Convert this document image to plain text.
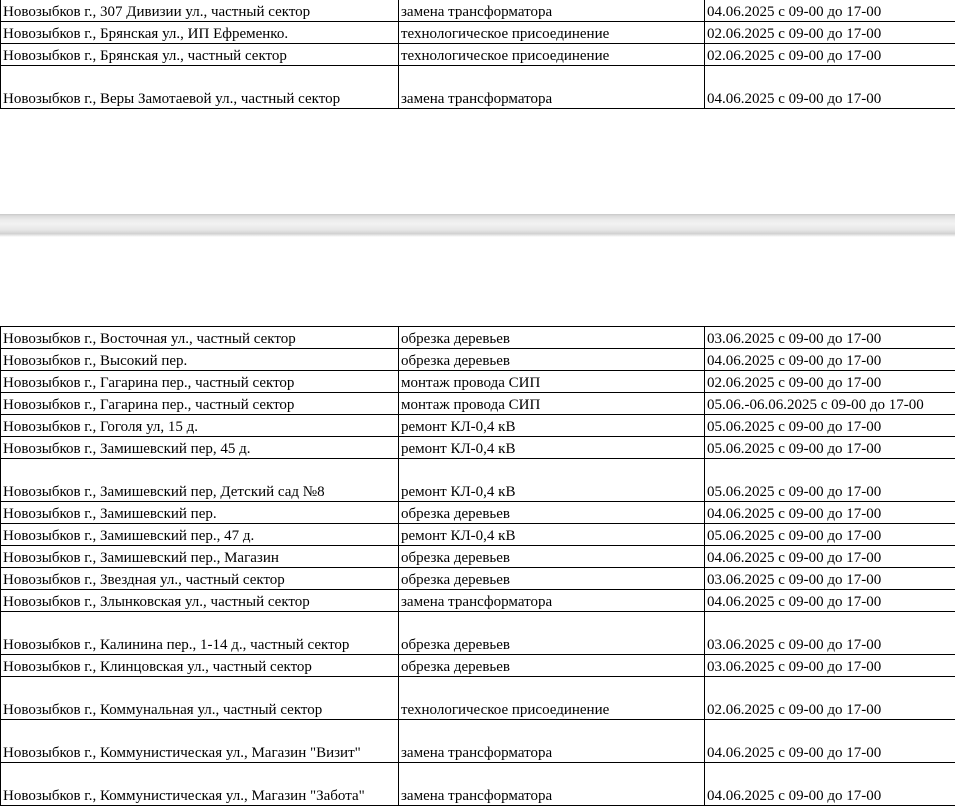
Новозыбков г., 307 Дивизии ул., частный сектор	замена трансформатора	04.06.2025 с 09-00 до 17-00
Новозыбков г., Брянская ул., ИП Ефременко.	технологическое присоединение	02.06.2025 с 09-00 до 17-00
Новозыбков г., Брянская ул., частный сектор	технологическое присоединение	02.06.2025 с 09-00 до 17-00
Новозыбков г., Веры Замотаевой ул., частный сектор	замена трансформатора	04.06.2025 с 09-00 до 17-00
Новозыбков г., Восточная ул., частный сектор	обрезка деревьев	03.06.2025 с 09-00 до 17-00
Новозыбков г., Высокий пер.	обрезка деревьев	04.06.2025 с 09-00 до 17-00
Новозыбков г., Гагарина пер., частный сектор	монтаж провода СИП	02.06.2025 с 09-00 до 17-00
Новозыбков г., Гагарина пер., частный сектор	монтаж провода СИП	05.06.-06.06.2025 с 09-00 до 17-00
Новозыбков г., Гоголя ул, 15 д.	ремонт КЛ-0,4 кВ	05.06.2025 с 09-00 до 17-00
Новозыбков г., Замишевский пер, 45 д.	ремонт КЛ-0,4 кВ	05.06.2025 с 09-00 до 17-00
Новозыбков г., Замишевский пер, Детский сад №8	ремонт КЛ-0,4 кВ	05.06.2025 с 09-00 до 17-00
Новозыбков г., Замишевский пер.	обрезка деревьев	04.06.2025 с 09-00 до 17-00
Новозыбков г., Замишевский пер., 47 д.	ремонт КЛ-0,4 кВ	05.06.2025 с 09-00 до 17-00
Новозыбков г., Замишевский пер., Магазин	обрезка деревьев	04.06.2025 с 09-00 до 17-00
Новозыбков г., Звездная ул., частный сектор	обрезка деревьев	03.06.2025 с 09-00 до 17-00
Новозыбков г., Злынковская ул., частный сектор	замена трансформатора	04.06.2025 с 09-00 до 17-00
Новозыбков г., Калинина пер., 1-14 д., частный сектор	обрезка деревьев	03.06.2025 с 09-00 до 17-00
Новозыбков г., Клинцовская ул., частный сектор	обрезка деревьев	03.06.2025 с 09-00 до 17-00
Новозыбков г., Коммунальная ул., частный сектор	технологическое присоединение	02.06.2025 с 09-00 до 17-00
Новозыбков г., Коммунистическая ул., Магазин "Визит"	замена трансформатора	04.06.2025 с 09-00 до 17-00
Новозыбков г., Коммунистическая ул., Магазин "Забота"	замена трансформатора	04.06.2025 с 09-00 до 17-00
